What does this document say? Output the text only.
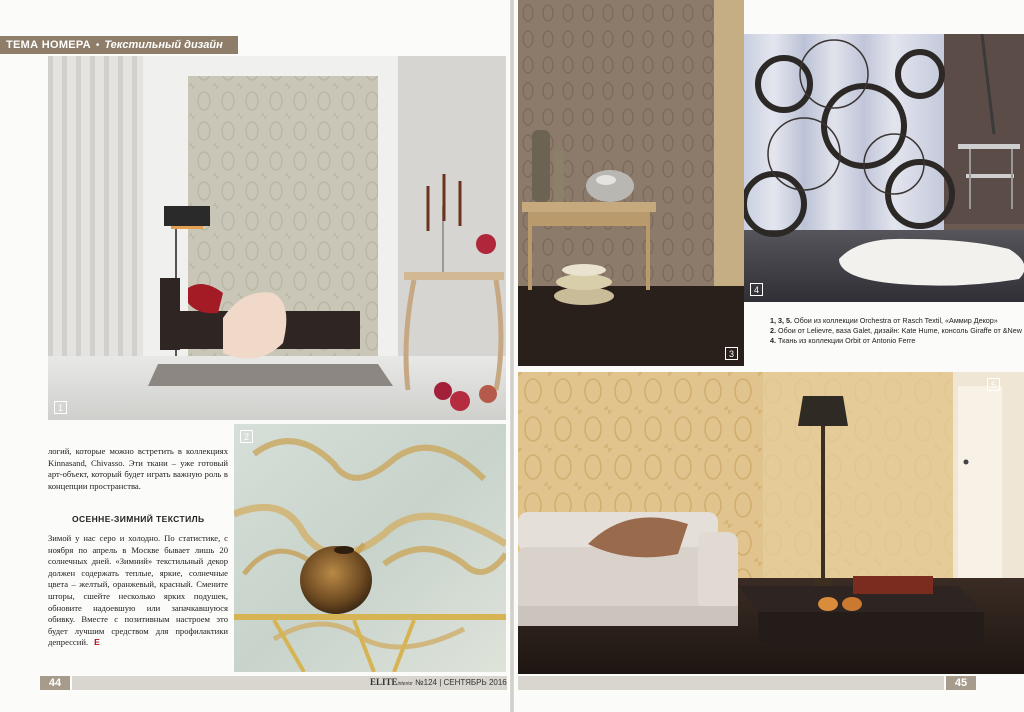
ТЕМА НОМЕРА • Текстильный дизайн
1

логий, которые можно встретить в коллекциях Kinnasand, Chivasso. Эти ткани – уже готовый арт-объект, который будет играть важную роль в концепции пространства.

ОСЕННЕ-ЗИМНИЙ ТЕКСТИЛЬ

Зимой у нас серо и холодно. По статистике, с ноября по апрель в Москве бывает лишь 20 солнечных дней. «Зимний» текстильный декор должен содержать теплые, яркие, солнечные цвета – желтый, оранжевый, красный. Смените шторы, сшейте несколько ярких подушек, обновите надоевшую или запачкавшуюся обивку. Вместе с позитивным настроем это будет лучшим средством для профилактики депрессий. E

2
44	ELITEinterior №124 | СЕНТЯБРЬ 2016
3
4
1, 3, 5. Обои из коллекции Orchestra от Rasch Textil, «Аммир Декор»
2. Обои от Lelievre, ваза Galet, дизайн: Kate Hume, консоль Giraffe от &New 4. Ткань из коллекции Orbit от Antonio Ferre
5
45
